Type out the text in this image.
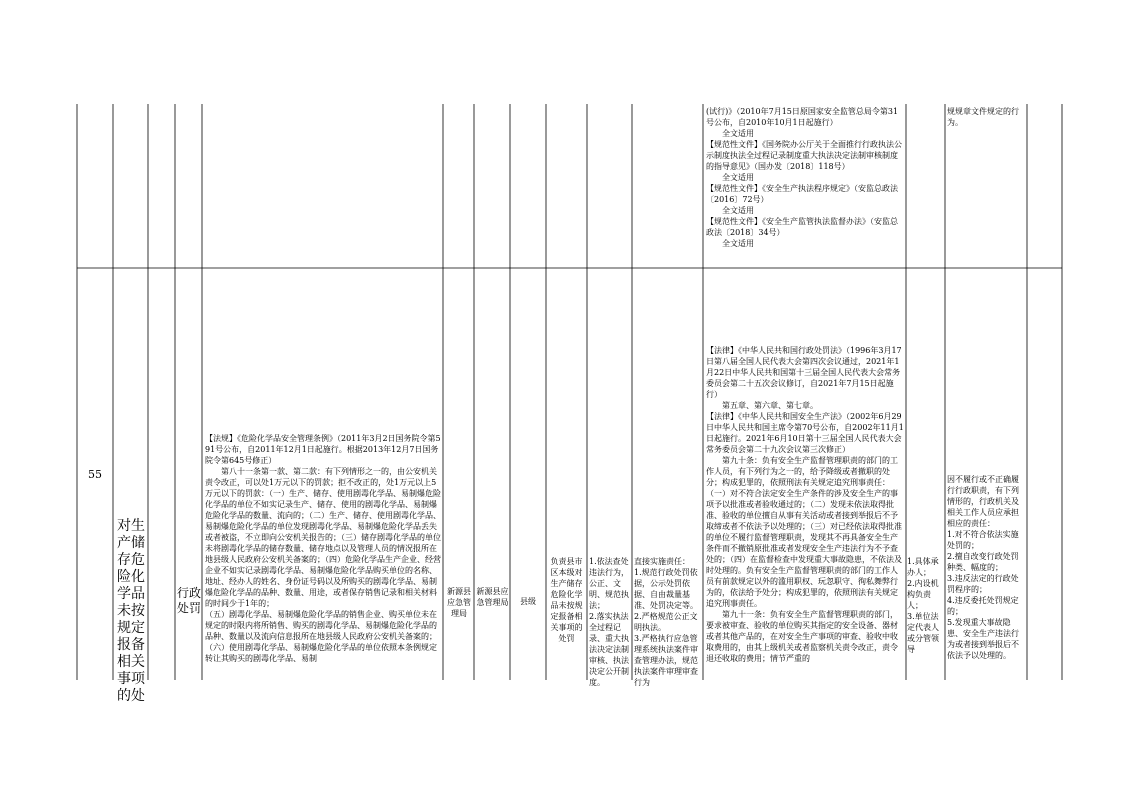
(试行)》（2010年7月15日原国家安全监管总局令第31号公布，自2010年10月1日起施行）
　　全文适用
【规范性文件】《国务院办公厅关于全面推行行政执法公示制度执法全过程记录制度重大执法决定法制审核制度的指导意见》（国办发〔2018〕118号）
　　全文适用
【规范性文件】《安全生产执法程序规定》（安监总政法〔2016〕72号）
　　全文适用
【规范性文件】《安全生产监管执法监督办法》（安监总政法〔2018〕34号）
　　全文适用
规规章文件规定的行为。
55
对生产储存危险化学品未按规定报备相关事项的处
行政处罚
【法规】《危险化学品安全管理条例》（2011年3月2日国务院令第591号公布，自2011年12月1日起施行。根据2013年12月7日国务院令第645号修正）
　　第八十一条第一款、第二款：有下列情形之一的，由公安机关责令改正，可以处1万元以下的罚款；拒不改正的，处1万元以上5万元以下的罚款：（一）生产、储存、使用剧毒化学品、易制爆危险化学品的单位不如实记录生产、储存、使用的剧毒化学品、易制爆危险化学品的数量、流向的；（二）生产、储存、使用剧毒化学品、易制爆危险化学品的单位发现剧毒化学品、易制爆危险化学品丢失或者被盗，不立即向公安机关报告的；（三）储存剧毒化学品的单位未将剧毒化学品的储存数量、储存地点以及管理人员的情况报所在地县级人民政府公安机关备案的；（四）危险化学品生产企业、经营企业不如实记录剧毒化学品、易制爆危险化学品购买单位的名称、地址、经办人的姓名、身份证号码以及所购买的剧毒化学品、易制爆危险化学品的品种、数量、用途，或者保存销售记录和相关材料的时间少于1年的；
（五）剧毒化学品、易制爆危险化学品的销售企业、购买单位未在规定的时限内将所销售、购买的剧毒化学品、易制爆危险化学品的品种、数量以及流向信息报所在地县级人民政府公安机关备案的；（六）使用剧毒化学品、易制爆危险化学品的单位依照本条例规定转让其购买的剧毒化学品、易制
新源县应急管理局
新源县应急管理局	县级
负责县市区本级对生产储存危险化学品未按规定报备相关事项的处罚
1.依法查处违法行为，公正、文明、规范执法；
2.落实执法全过程记录、重大执法决定法制审核、执法决定公开制度。
直接实施责任：
1.规范行政处罚依据，公示处罚依据、自由裁量基准、处罚决定等。
2.严格规范公正文明执法。
3.严格执行应急管理系统执法案件审查管理办法，规范执法案件审理审查行为
【法律】《中华人民共和国行政处罚法》（1996年3月17日第八届全国人民代表大会第四次会议通过，2021年1月22日中华人民共和国第十三届全国人民代表大会常务委员会第二十五次会议修订，自2021年7月15日起施行）
　　第五章、第六章、第七章。
【法律】《中华人民共和国安全生产法》（2002年6月29日中华人民共和国主席令第70号公布，自2002年11月1日起施行。2021年6月10日第十三届全国人民代表大会常务委员会第二十九次会议第三次修正）
　　第九十条：负有安全生产监督管理职责的部门的工作人员，有下列行为之一的，给予降级或者撤职的处分；构成犯罪的，依照刑法有关规定追究刑事责任：（一）对不符合法定安全生产条件的涉及安全生产的事项予以批准或者验收通过的；（二）发现未依法取得批准、验收的单位擅自从事有关活动或者接到举报后不予取缔或者不依法予以处理的；（三）对已经依法取得批准的单位不履行监督管理职责，发现其不再具备安全生产条件而不撤销原批准或者发现安全生产违法行为不予查处的；（四）在监督检查中发现重大事故隐患，不依法及时处理的。负有安全生产监督管理职责的部门的工作人员有前款规定以外的滥用职权、玩忽职守、徇私舞弊行为的，依法给予处分；构成犯罪的，依照刑法有关规定追究刑事责任。
　　第九十一条：负有安全生产监督管理职责的部门，要求被审查、验收的单位购买其指定的安全设备、器材或者其他产品的，在对安全生产事项的审查、验收中收取费用的，由其上级机关或者监察机关责令改正，责令退还收取的费用；情节严重的
1.具体承办人；
2.内设机构负责人；
3.单位法定代表人或分管领导
因不履行或不正确履行行政职责，有下列情形的，行政机关及相关工作人员应承担相应的责任：
1.对不符合依法实施处罚的；
2.擅自改变行政处罚种类、幅度的；
3.违反法定的行政处罚程序的；
4.违反委托处罚规定的；
5.发现重大事故隐患、安全生产违法行为或者接到举报后不依法予以处理的。
